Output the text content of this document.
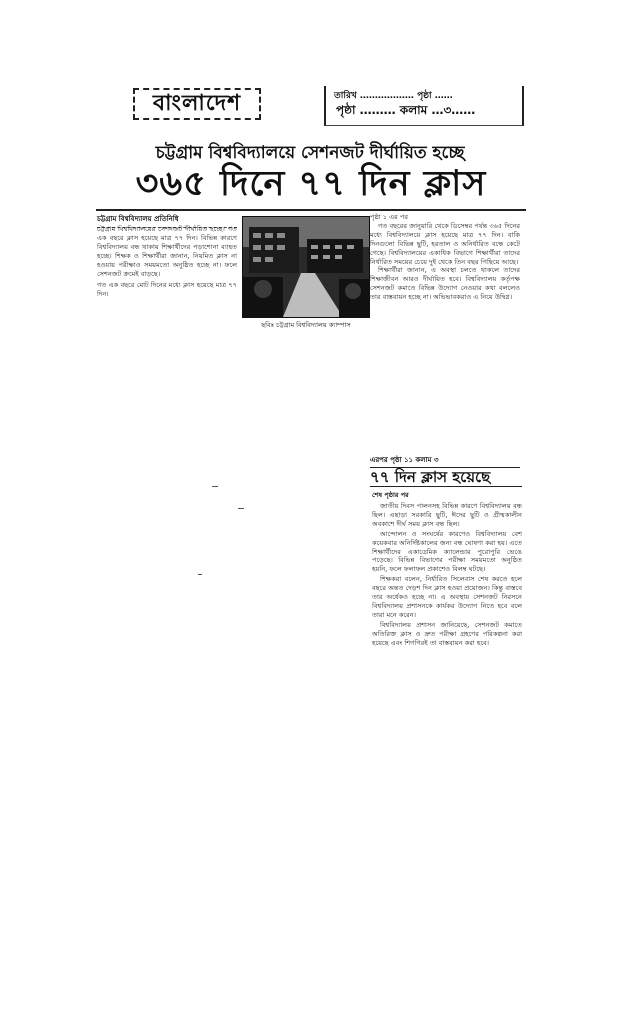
বাংলাদেশ	তারিখ ……………… পৃষ্ঠা ……
পৃষ্ঠা ……… কলাম …৩……
চট্টগ্রাম বিশ্ববিদ্যালয়ে সেশনজট দীর্ঘায়িত হচ্ছে
৩৬৫ দিনে ৭৭ দিন ক্লাস
চট্টগ্রাম বিশ্ববিদ্যালয় প্রতিনিধি
চট্টগ্রাম বিশ্ববিদ্যালয়ের সেশনজট দীর্ঘায়িত হচ্ছে। গত এক বছরে ক্লাস হয়েছে মাত্র ৭৭ দিন। বিভিন্ন কারণে বিশ্ববিদ্যালয় বন্ধ থাকায় শিক্ষার্থীদের পড়াশোনা ব্যাহত হচ্ছে। শিক্ষক ও শিক্ষার্থীরা জানান, নিয়মিত ক্লাস না হওয়ায় পরীক্ষাও সময়মতো অনুষ্ঠিত হচ্ছে না। ফলে সেশনজট ক্রমেই বাড়ছে।
গত এক বছরে মোট দিনের মধ্যে ক্লাস হয়েছে মাত্র ৭৭ দিন।
ছবিঃ চট্টগ্রাম বিশ্ববিদ্যালয় ক্যাম্পাস
পৃষ্ঠা ১ এর পর
গত বছরের জানুয়ারি থেকে ডিসেম্বর পর্যন্ত ৩৬৫ দিনের মধ্যে বিশ্ববিদ্যালয়ে ক্লাস হয়েছে মাত্র ৭৭ দিন। বাকি দিনগুলো বিভিন্ন ছুটি, হরতাল ও অনির্ধারিত বন্ধে কেটে গেছে। বিশ্ববিদ্যালয়ের একাধিক বিভাগে শিক্ষার্থীরা তাদের নির্ধারিত সময়ের চেয়ে দুই থেকে তিন বছর পিছিয়ে আছে।
শিক্ষার্থীরা জানান, এ অবস্থা চলতে থাকলে তাদের শিক্ষাজীবন আরও দীর্ঘায়িত হবে। বিশ্ববিদ্যালয় কর্তৃপক্ষ সেশনজট কমাতে বিভিন্ন উদ্যোগ নেওয়ার কথা বললেও তার বাস্তবায়ন হচ্ছে না। অভিভাবকরাও এ নিয়ে উদ্বিগ্ন।
এরপর পৃষ্ঠা ১১ কলাম ৩
৭৭ দিন ক্লাস হয়েছে
শেষ পৃষ্ঠার পর
জাতীয় দিবস পালনসহ বিভিন্ন কারণে বিশ্ববিদ্যালয় বন্ধ ছিল। এছাড়া সরকারি ছুটি, ঈদের ছুটি ও গ্রীষ্মকালীন অবকাশে দীর্ঘ সময় ক্লাস বন্ধ ছিল।
আন্দোলন ও সংঘর্ষের কারণেও বিশ্ববিদ্যালয় বেশ কয়েকবার অনির্দিষ্টকালের জন্য বন্ধ ঘোষণা করা হয়। এতে শিক্ষার্থীদের একাডেমিক ক্যালেন্ডার পুরোপুরি ভেঙে পড়েছে। বিভিন্ন বিভাগের পরীক্ষা সময়মতো অনুষ্ঠিত হয়নি, ফলে ফলাফল প্রকাশেও বিলম্ব ঘটছে।
শিক্ষকরা বলেন, নির্ধারিত সিলেবাস শেষ করতে হলে বছরে অন্তত দেড়শ দিন ক্লাস হওয়া প্রয়োজন। কিন্তু বাস্তবে তার অর্ধেকও হচ্ছে না। এ অবস্থায় সেশনজট নিরসনে বিশ্ববিদ্যালয় প্রশাসনকে কার্যকর উদ্যোগ নিতে হবে বলে তারা মনে করেন।
বিশ্ববিদ্যালয় প্রশাসন জানিয়েছে, সেশনজট কমাতে অতিরিক্ত ক্লাস ও দ্রুত পরীক্ষা গ্রহণের পরিকল্পনা করা হয়েছে এবং শিগগিরই তা বাস্তবায়ন করা হবে।
